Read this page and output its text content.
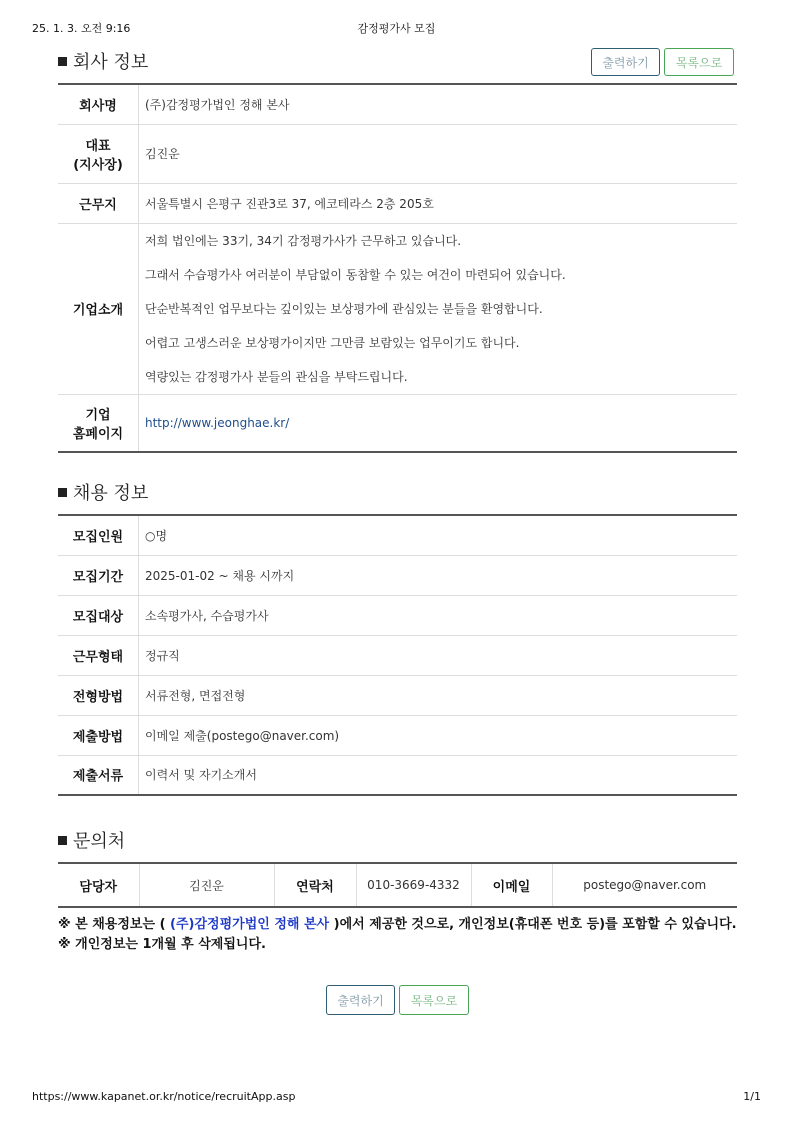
25. 1. 3. 오전 9:16	감정평가사 모집
회사 정보	출력하기	목록으로
회사명	(주)감정평가법인 정해 본사
대표
(지사장)	김진운
근무지	서울특별시 은평구 진관3로 37, 에코테라스 2층 205호
기업소개	저희 법인에는 33기, 34기 감정평가사가 근무하고 있습니다.

그래서 수습평가사 여러분이 부담없이 동참할 수 있는 여건이 마련되어 있습니다.

단순반복적인 업무보다는 깊이있는 보상평가에 관심있는 분들을 환영합니다.

어렵고 고생스러운 보상평가이지만 그만큼 보람있는 업무이기도 합니다.

역량있는 감정평가사 분들의 관심을 부탁드립니다.

기업
홈페이지	http://www.jeonghae.kr/
채용 정보
모집인원	○명
모집기간	2025-01-02 ~ 채용 시까지
모집대상	소속평가사, 수습평가사
근무형태	정규직
전형방법	서류전형, 면접전형
제출방법	이메일 제출(postego@naver.com)
제출서류	이력서 및 자기소개서
문의처
담당자	김진운	연락처	010-3669-4332	이메일	postego@naver.com
※ 본 채용정보는 ( (주)감정평가법인 정해 본사 )에서 제공한 것으로, 개인정보(휴대폰 번호 등)를 포함할 수 있습니다.
※ 개인정보는 1개월 후 삭제됩니다.
출력하기	목록으로
https://www.kapanet.or.kr/notice/recruitApp.asp	1/1
